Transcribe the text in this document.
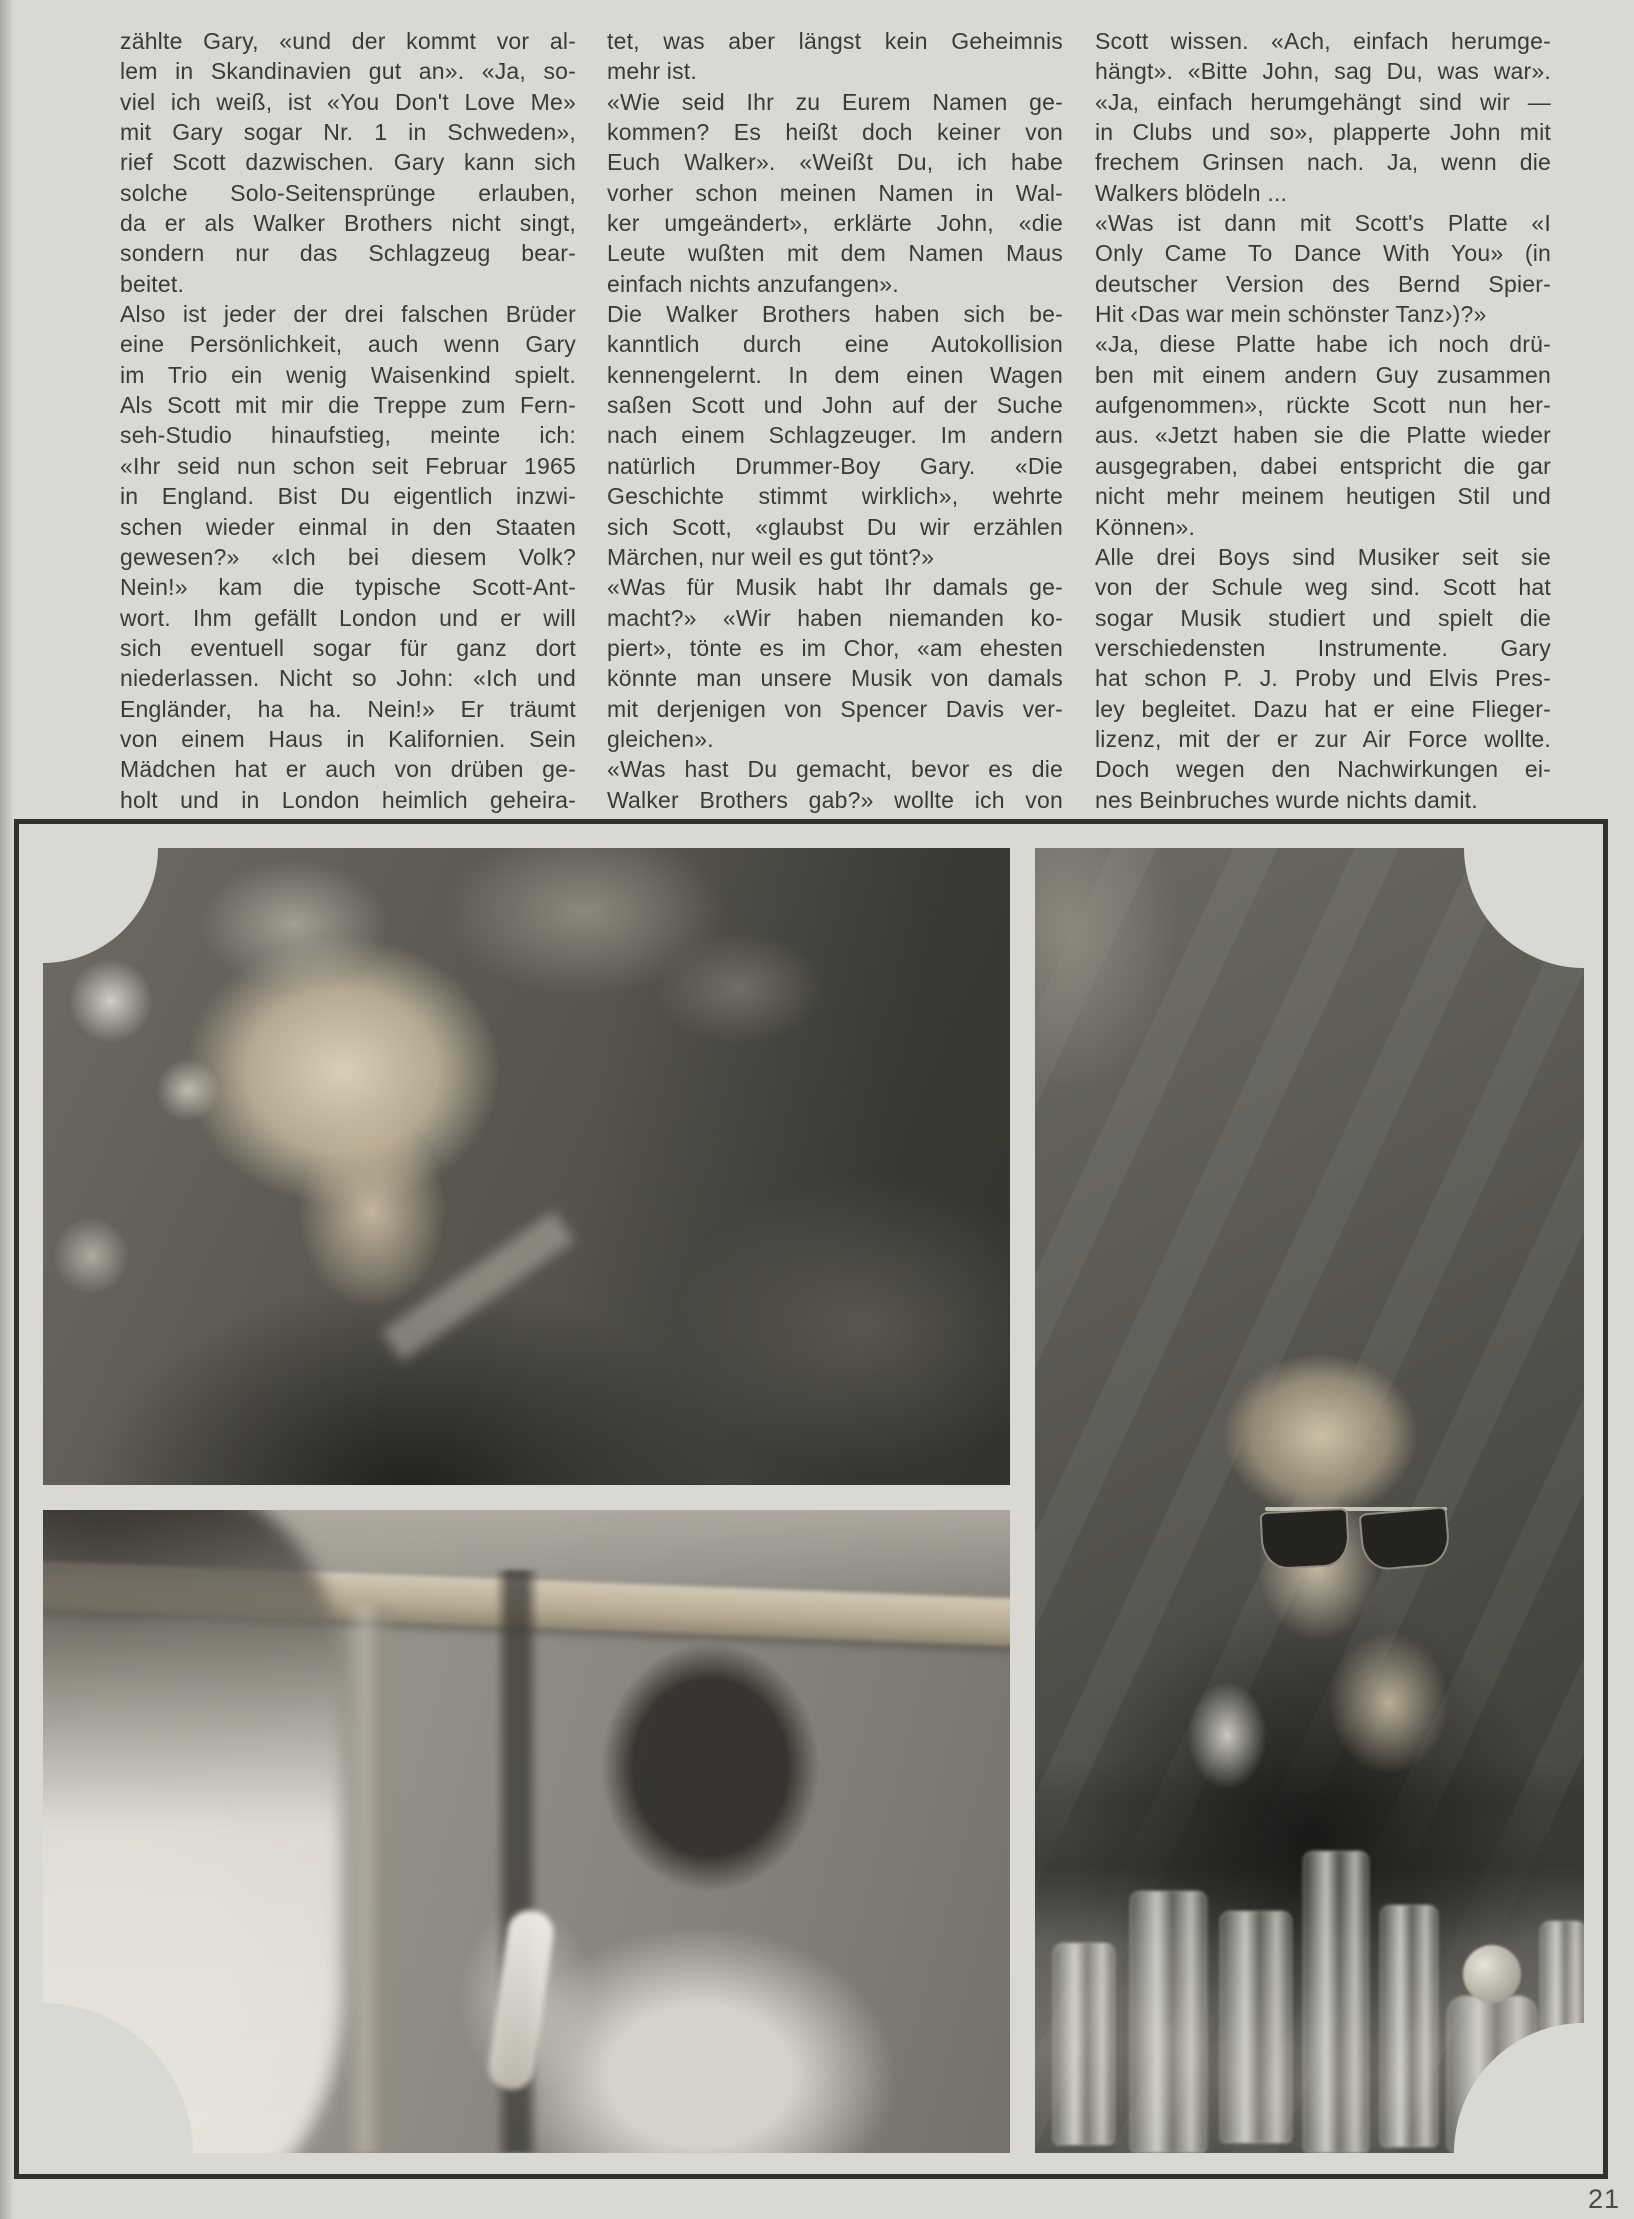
zählte Gary, «und der kommt vor al-
lem in Skandinavien gut an». «Ja, so-
viel ich weiß, ist «You Don't Love Me»
mit Gary sogar Nr. 1 in Schweden»,
rief Scott dazwischen. Gary kann sich
solche Solo-Seitensprünge erlauben,
da er als Walker Brothers nicht singt,
sondern nur das Schlagzeug bear-
beitet.
Also ist jeder der drei falschen Brüder
eine Persönlichkeit, auch wenn Gary
im Trio ein wenig Waisenkind spielt.
Als Scott mit mir die Treppe zum Fern-
seh-Studio hinaufstieg, meinte ich:
«Ihr seid nun schon seit Februar 1965
in England. Bist Du eigentlich inzwi-
schen wieder einmal in den Staaten
gewesen?» «Ich bei diesem Volk?
Nein!» kam die typische Scott-Ant-
wort. Ihm gefällt London und er will
sich eventuell sogar für ganz dort
niederlassen. Nicht so John: «Ich und
Engländer, ha ha. Nein!» Er träumt
von einem Haus in Kalifornien. Sein
Mädchen hat er auch von drüben ge-
holt und in London heimlich geheira-
tet, was aber längst kein Geheimnis
mehr ist.
«Wie seid Ihr zu Eurem Namen ge-
kommen? Es heißt doch keiner von
Euch Walker». «Weißt Du, ich habe
vorher schon meinen Namen in Wal-
ker umgeändert», erklärte John, «die
Leute wußten mit dem Namen Maus
einfach nichts anzufangen».
Die Walker Brothers haben sich be-
kanntlich durch eine Autokollision
kennengelernt. In dem einen Wagen
saßen Scott und John auf der Suche
nach einem Schlagzeuger. Im andern
natürlich Drummer-Boy Gary. «Die
Geschichte stimmt wirklich», wehrte
sich Scott, «glaubst Du wir erzählen
Märchen, nur weil es gut tönt?»
«Was für Musik habt Ihr damals ge-
macht?» «Wir haben niemanden ko-
piert», tönte es im Chor, «am ehesten
könnte man unsere Musik von damals
mit derjenigen von Spencer Davis ver-
gleichen».
«Was hast Du gemacht, bevor es die
Walker Brothers gab?» wollte ich von
Scott wissen. «Ach, einfach herumge-
hängt». «Bitte John, sag Du, was war».
«Ja, einfach herumgehängt sind wir —
in Clubs und so», plapperte John mit
frechem Grinsen nach. Ja, wenn die
Walkers blödeln ...
«Was ist dann mit Scott's Platte «I
Only Came To Dance With You» (in
deutscher Version des Bernd Spier-
Hit ‹Das war mein schönster Tanz›)?»
«Ja, diese Platte habe ich noch drü-
ben mit einem andern Guy zusammen
aufgenommen», rückte Scott nun her-
aus. «Jetzt haben sie die Platte wieder
ausgegraben, dabei entspricht die gar
nicht mehr meinem heutigen Stil und
Können».
Alle drei Boys sind Musiker seit sie
von der Schule weg sind. Scott hat
sogar Musik studiert und spielt die
verschiedensten Instrumente. Gary
hat schon P. J. Proby und Elvis Pres-
ley begleitet. Dazu hat er eine Flieger-
lizenz, mit der er zur Air Force wollte.
Doch wegen den Nachwirkungen ei-
nes Beinbruches wurde nichts damit.
21
